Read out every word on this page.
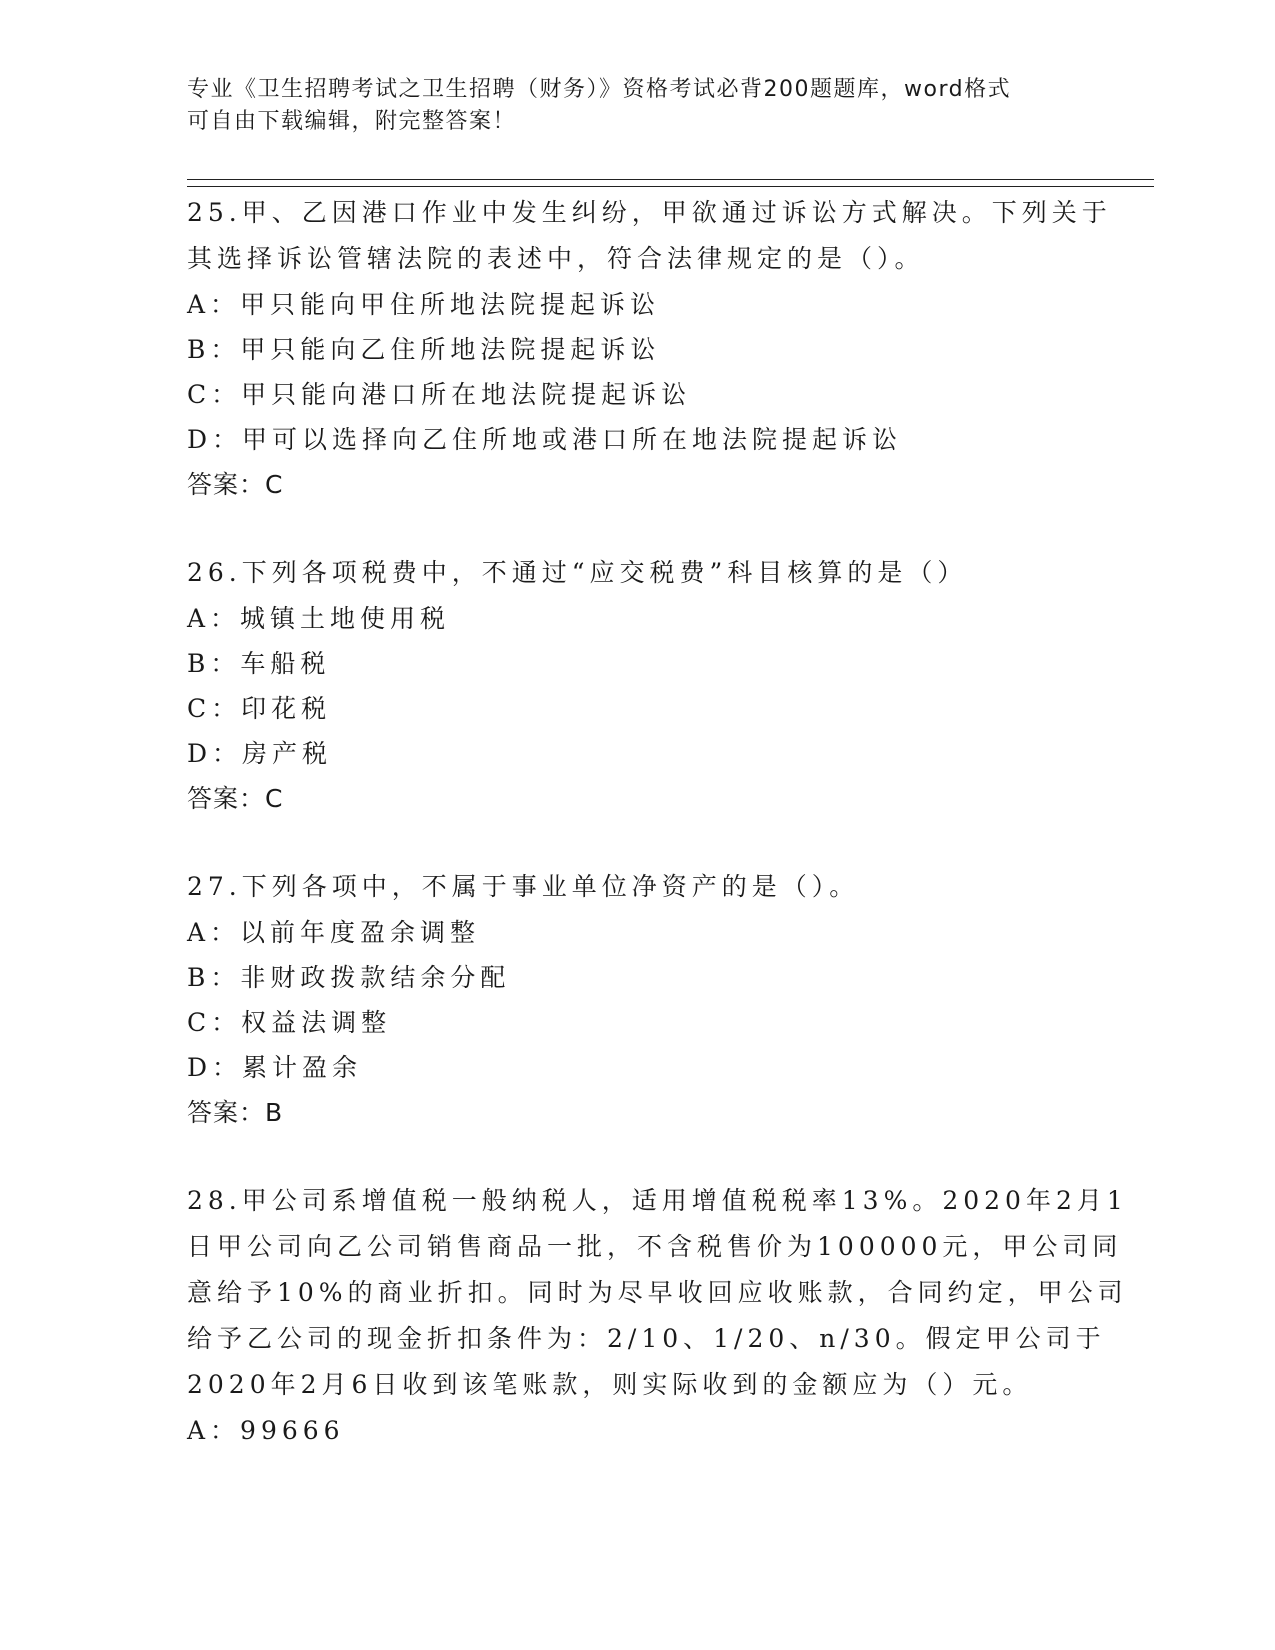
专业《卫生招聘考试之卫生招聘（财务）》资格考试必背200题题库，word格式
可自由下载编辑，附完整答案！
25.甲、乙因港口作业中发生纠纷，甲欲通过诉讼方式解决。下列关于
其选择诉讼管辖法院的表述中，符合法律规定的是（）。
A：甲只能向甲住所地法院提起诉讼
B：甲只能向乙住所地法院提起诉讼
C：甲只能向港口所在地法院提起诉讼
D：甲可以选择向乙住所地或港口所在地法院提起诉讼
答案：C
26.下列各项税费中，不通过“应交税费”科目核算的是（）
A：城镇土地使用税
B：车船税
C：印花税
D：房产税
答案：C
27.下列各项中，不属于事业单位净资产的是（）。
A：以前年度盈余调整
B：非财政拨款结余分配
C：权益法调整
D：累计盈余
答案：B
28.甲公司系增值税一般纳税人，适用增值税税率13%。2020年2月1
日甲公司向乙公司销售商品一批，不含税售价为100000元，甲公司同
意给予10%的商业折扣。同时为尽早收回应收账款，合同约定，甲公司
给予乙公司的现金折扣条件为：2/10、1/20、n/30。假定甲公司于
2020年2月6日收到该笔账款，则实际收到的金额应为（）元。
A：99666
